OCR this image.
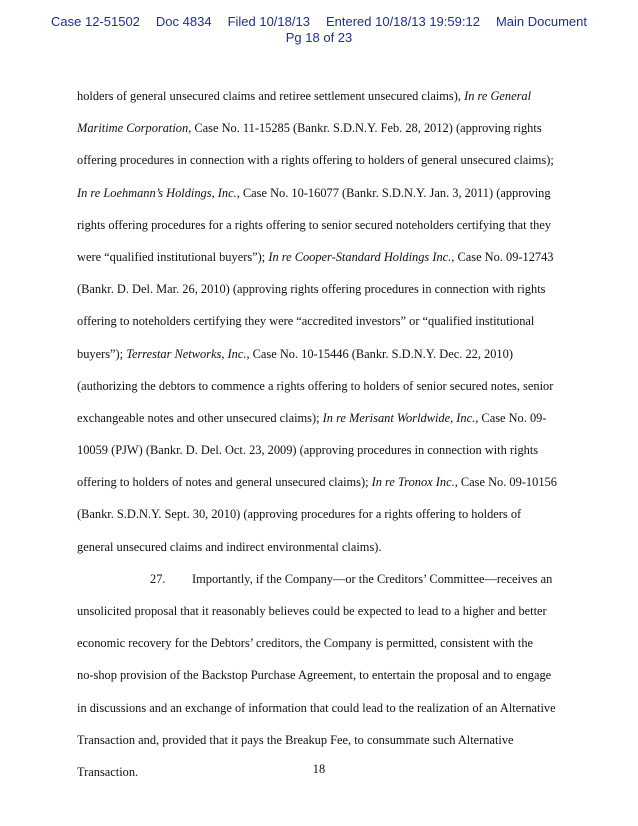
Case 12-51502 Doc 4834 Filed 10/18/13 Entered 10/18/13 19:59:12 Main Document
Pg 18 of 23
holders of general unsecured claims and retiree settlement unsecured claims), In re General
Maritime Corporation, Case No. 11-15285 (Bankr. S.D.N.Y. Feb. 28, 2012) (approving rights
offering procedures in connection with a rights offering to holders of general unsecured claims);
In re Loehmann’s Holdings, Inc., Case No. 10-16077 (Bankr. S.D.N.Y. Jan. 3, 2011) (approving
rights offering procedures for a rights offering to senior secured noteholders certifying that they
were “qualified institutional buyers”); In re Cooper-Standard Holdings Inc., Case No. 09-12743
(Bankr. D. Del. Mar. 26, 2010) (approving rights offering procedures in connection with rights
offering to noteholders certifying they were “accredited investors” or “qualified institutional
buyers”); Terrestar Networks, Inc., Case No. 10-15446 (Bankr. S.D.N.Y. Dec. 22, 2010)
(authorizing the debtors to commence a rights offering to holders of senior secured notes, senior
exchangeable notes and other unsecured claims); In re Merisant Worldwide, Inc., Case No. 09-
10059 (PJW) (Bankr. D. Del. Oct. 23, 2009) (approving procedures in connection with rights
offering to holders of notes and general unsecured claims); In re Tronox Inc., Case No. 09-10156
(Bankr. S.D.N.Y. Sept. 30, 2010) (approving procedures for a rights offering to holders of
general unsecured claims and indirect environmental claims).
27. Importantly, if the Company—or the Creditors’ Committee—receives an
unsolicited proposal that it reasonably believes could be expected to lead to a higher and better
economic recovery for the Debtors’ creditors, the Company is permitted, consistent with the
no-shop provision of the Backstop Purchase Agreement, to entertain the proposal and to engage
in discussions and an exchange of information that could lead to the realization of an Alternative
Transaction and, provided that it pays the Breakup Fee, to consummate such Alternative
Transaction.	18
